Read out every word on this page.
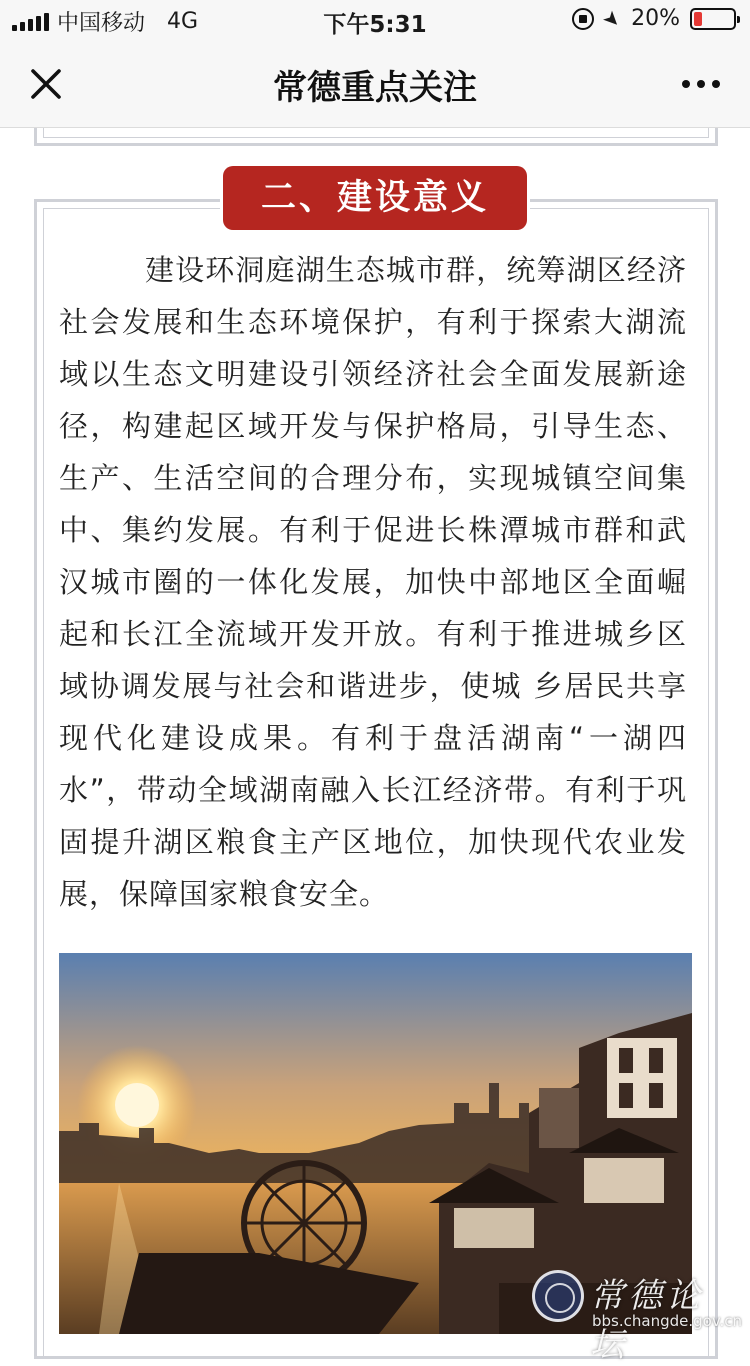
中国移动 4G	下午5:31	➤ 20%
常德重点关注
二、建设意义

建设环洞庭湖生态城市群，统筹湖区经济社会发展和生态环境保护，有利于探索大湖流域以生态文明建设引领经济社会全面发展新途径，构建起区域开发与保护格局，引导生态、生产、生活空间的合理分布，实现城镇空间集中、集约发展。有利于促进长株潭城市群和武汉城市圈的一体化发展，加快中部地区全面崛起和长江全流域开发开放。有利于推进城乡区域协调发展与社会和谐进步，使城 乡居民共享现代化建设成果。有利于盘活湖南“一湖四水”，带动全域湖南融入长江经济带。有利于巩固提升湖区粮食主产区地位，加快现代农业发展，保障国家粮食安全。

常德论坛
bbs.changde.gov.cn
